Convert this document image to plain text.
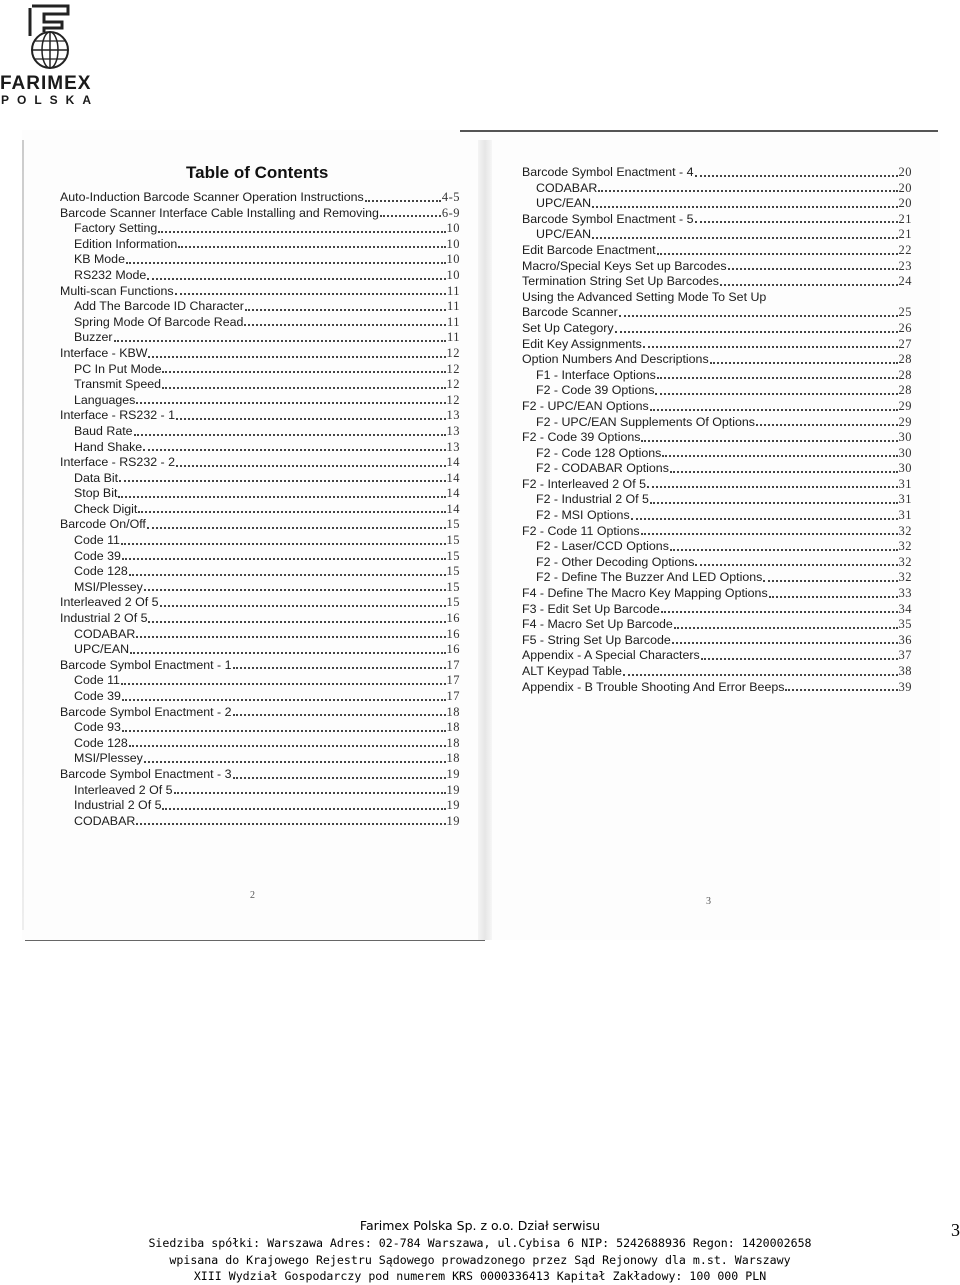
FARIMEX
POLSKA
Table of Contents
Auto-Induction Barcode Scanner Operation Instructions	4-5
Barcode Scanner Interface Cable Installing and Removing	6-9
Factory Setting	10
Edition Information	10
KB Mode	10
RS232 Mode	10
Multi-scan Functions	11
Add The Barcode ID Character	11
Spring Mode Of Barcode Read	11
Buzzer	11
Interface - KBW	12
PC In Put Mode	12
Transmit Speed	12
Languages	12
Interface - RS232 - 1	13
Baud Rate	13
Hand Shake	13
Interface - RS232 - 2	14
Data Bit	14
Stop Bit	14
Check Digit	14
Barcode On/Off	15
Code 11	15
Code 39	15
Code 128	15
MSI/Plessey	15
Interleaved 2 Of 5	15
Industrial 2 Of 5	16
CODABAR	16
UPC/EAN	16
Barcode Symbol Enactment - 1	17
Code 11	17
Code 39	17
Barcode Symbol Enactment - 2	18
Code 93	18
Code 128	18
MSI/Plessey	18
Barcode Symbol Enactment - 3	19
Interleaved 2 Of 5	19
Industrial 2 Of 5	19
CODABAR	19
Barcode Symbol Enactment - 4	20
CODABAR	20
UPC/EAN	20
Barcode Symbol Enactment - 5	21
UPC/EAN	21
Edit Barcode Enactment	22
Macro/Special Keys Set up Barcodes	23
Termination String Set Up Barcodes	24
Using the Advanced Setting Mode To Set Up
Barcode Scanner	25
Set Up Category	26
Edit Key Assignments	27
Option Numbers And Descriptions	28
F1 - Interface Options	28
F2 - Code 39 Options	28
F2 - UPC/EAN Options	29
F2 - UPC/EAN Supplements Of Options	29
F2 - Code 39 Options	30
F2 - Code 128 Options	30
F2 - CODABAR Options	30
F2 - Interleaved 2 Of 5	31
F2 - Industrial 2 Of 5	31
F2 - MSI Options	31
F2 - Code 11 Options	32
F2 - Laser/CCD Options	32
F2 - Other Decoding Options	32
F2 - Define The Buzzer And LED Options	32
F4 - Define The Macro Key Mapping Options	33
F3 - Edit Set Up Barcode	34
F4 - Macro Set Up Barcode	35
F5 - String Set Up Barcode	36
Appendix - A Special Characters	37
ALT Keypad Table	38
Appendix - B Trouble Shooting And Error Beeps	39
2
3
Farimex Polska Sp. z o.o. Dział serwisu
Siedziba spółki: Warszawa Adres: 02-784 Warszawa, ul.Cybisa 6 NIP: 5242688936 Regon: 1420002658
wpisana do Krajowego Rejestru Sądowego prowadzonego przez Sąd Rejonowy dla m.st. Warszawy
XIII Wydział Gospodarczy pod numerem KRS 0000336413 Kapitał Zakładowy: 100 000 PLN
3
